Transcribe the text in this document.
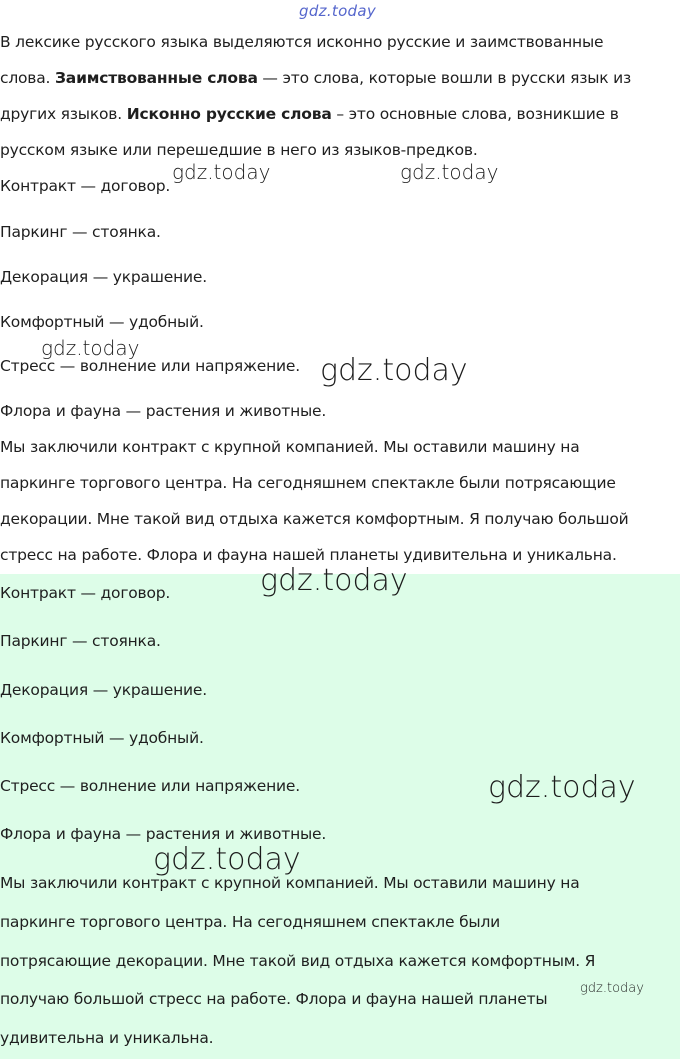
gdz.today
В лексике русского языка выделяются исконно русские и заимствованные
слова. Заимствованные слова — это слова, которые вошли в русски язык из
других языков. Исконно русские слова – это основные слова, возникшие в
русском языке или перешедшие в него из языков-предков.
Контракт — договор.
Паркинг — стоянка.
Декорация — украшение.
Комфортный — удобный.
Стресс — волнение или напряжение.
Флора и фауна — растения и животные.
Мы заключили контракт с крупной компанией. Мы оставили машину на
паркинге торгового центра. На сегодняшнем спектакле были потрясающие
декорации. Мне такой вид отдыха кажется комфортным. Я получаю большой
стресс на работе. Флора и фауна нашей планеты удивительна и уникальна.
Контракт — договор.
Паркинг — стоянка.
Декорация — украшение.
Комфортный — удобный.
Стресс — волнение или напряжение.
Флора и фауна — растения и животные.
Мы заключили контракт с крупной компанией. Мы оставили машину на
паркинге торгового центра. На сегодняшнем спектакле были
потрясающие декорации. Мне такой вид отдыха кажется комфортным. Я
получаю большой стресс на работе. Флора и фауна нашей планеты
удивительна и уникальна.
gdz.today	gdz.today
gdz.today
gdz.today
gdz.today
gdz.today
gdz.today
gdz.today
